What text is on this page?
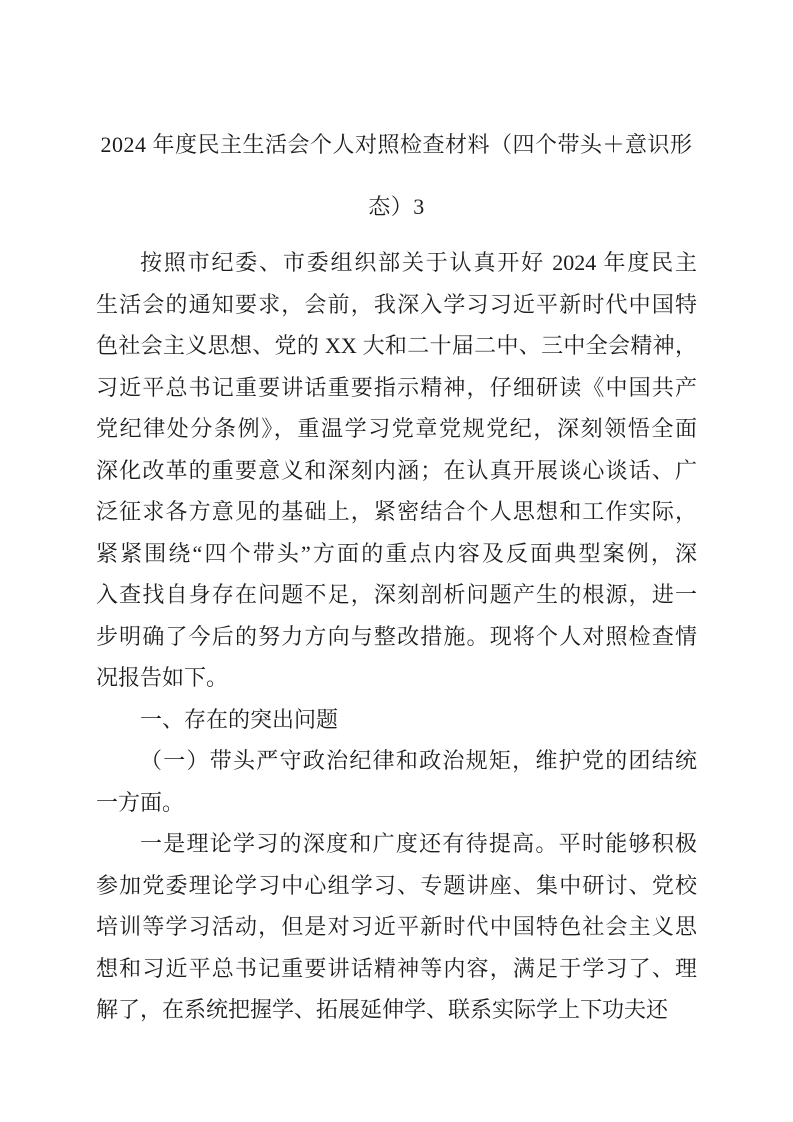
2024 年度民主生活会个人对照检查材料（四个带头＋意识形态）3

按照市纪委、市委组织部关于认真开好 2024 年度民主
生活会的通知要求，会前，我深入学习习近平新时代中国特
色社会主义思想、党的 XX 大和二十届二中、三中全会精神，
习近平总书记重要讲话重要指示精神，仔细研读《中国共产
党纪律处分条例》，重温学习党章党规党纪，深刻领悟全面
深化改革的重要意义和深刻内涵；在认真开展谈心谈话、广
泛征求各方意见的基础上，紧密结合个人思想和工作实际，
紧紧围绕“四个带头”方面的重点内容及反面典型案例，深
入查找自身存在问题不足，深刻剖析问题产生的根源，进一
步明确了今后的努力方向与整改措施。现将个人对照检查情
况报告如下。

一、存在的突出问题

（一）带头严守政治纪律和政治规矩，维护党的团结统
一方面。

一是理论学习的深度和广度还有待提高。平时能够积极
参加党委理论学习中心组学习、专题讲座、集中研讨、党校
培训等学习活动，但是对习近平新时代中国特色社会主义思
想和习近平总书记重要讲话精神等内容，满足于学习了、理
解了，在系统把握学、拓展延伸学、联系实际学上下功夫还
